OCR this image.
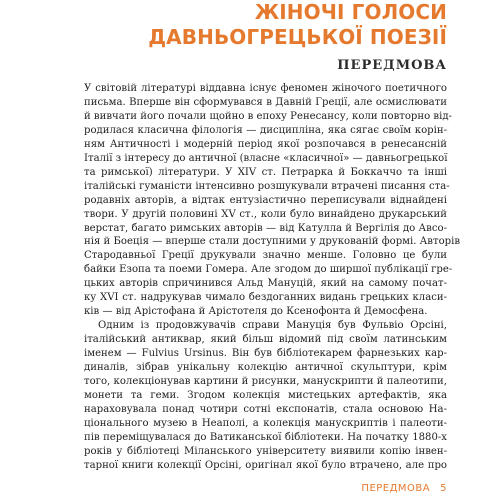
ЖІНОЧІ ГОЛОСИ
ДАВНЬОГРЕЦЬКОЇ ПОЕЗІЇ
ПЕРЕДМОВА
У світовій літературі віддавна існує феномен жіночого поетичного
письма. Вперше він сформувався в Давній Греції, але осмислювати
й вивчати його почали щойно в епоху Ренесансу, коли повторно від-
родилася класична філологія — дисципліна, яка сягає своїм корін-
ням Античності і модерній період якої розпочався в ренесансній
Італії з інтересу до античної (власне «класичної» — давньогрецької
та римської) літератури. У XIV ст. Петрарка й Боккаччо та інші
італійські гуманісти інтенсивно розшукували втрачені писання ста-
родавніх авторів, а відтак ентузіастично переписували віднайдені
твори. У другій половині XV ст., коли було винайдено друкарський
верстат, багато римських авторів — від Катулла й Вергілія до Авсо-
нія й Боеція — вперше стали доступними у друкованій формі. Авторів
Стародавньої Греції друкували значно менше. Головно це були
байки Езопа та поеми Гомера. Але згодом до ширшої публікації гре-
цьких авторів спричинився Альд Мануцій, який на самому почат-
ку XVI ст. надрукував чимало бездоганних видань грецьких класи-
ків — від Арістофана й Арістотеля до Ксенофонта й Демосфена.
Одним із продовжувачів справи Мануція був Фульвіо Орсіні,
італійський антиквар, який більш відомий під своїм латинським
іменем — Fulvius Ursinus. Він був бібліотекарем фарнезьких кар-
диналів, зібрав унікальну колекцію античної скульптури, крім
того, колекціонував картини й рисунки, манускрипти й палеотипи,
монети та геми. Згодом колекція мистецьких артефактів, яка
нараховувала понад чотири сотні експонатів, стала основою На-
ціонального музею в Неаполі, а колекція манускриптів і палеоти-
пів переміщувалася до Ватиканської бібліотеки. На початку 1880-х
років у бібліотеці Міланського університету виявили копію інвен-
тарної книги колекції Орсіні, оригінал якої було втрачено, але про
ПЕРЕДМОВА 5
